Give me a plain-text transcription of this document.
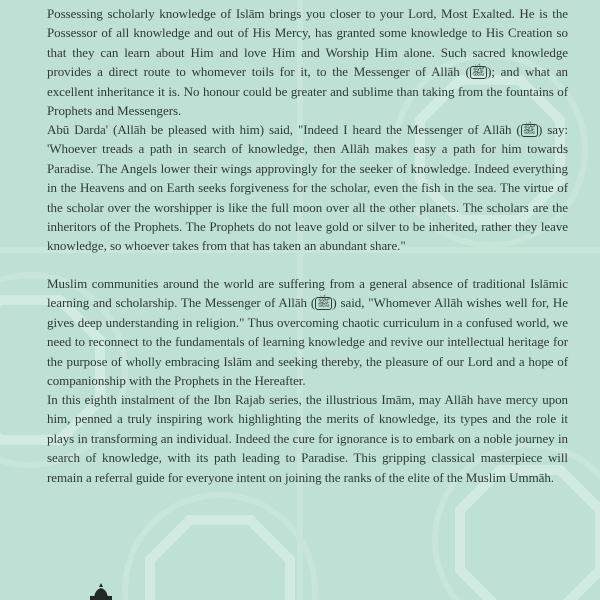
Possessing scholarly knowledge of Islām brings you closer to your Lord, Most Exalted. He is the Possessor of all knowledge and out of His Mercy, has granted some knowledge to His Creation so that they can learn about Him and love Him and Worship Him alone. Such sacred knowledge provides a direct route to whomever toils for it, to the Messenger of Allāh ( ﷺ ); and what an excellent inheritance it is. No honour could be greater and sublime than taking from the fountains of Prophets and Messengers.

Abū Darda' (Allāh be pleased with him) said, "Indeed I heard the Messenger of Allāh ( ﷺ ) say: 'Whoever treads a path in search of knowledge, then Allāh makes easy a path for him towards Paradise. The Angels lower their wings approvingly for the seeker of knowledge. Indeed everything in the Heavens and on Earth seeks forgiveness for the scholar, even the fish in the sea. The virtue of the scholar over the worshipper is like the full moon over all the other planets. The scholars are the inheritors of the Prophets. The Prophets do not leave gold or silver to be inherited, rather they leave knowledge, so whoever takes from that has taken an abundant share."

Muslim communities around the world are suffering from a general absence of traditional Islāmic learning and scholarship. The Messenger of Allāh ( ﷺ ) said, "Whomever Allāh wishes well for, He gives deep understanding in religion." Thus overcoming chaotic curriculum in a confused world, we need to reconnect to the fundamentals of learning knowledge and revive our intellectual heritage for the purpose of wholly embracing Islām and seeking thereby, the pleasure of our Lord and a hope of companionship with the Prophets in the Hereafter.

In this eighth instalment of the Ibn Rajab series, the illustrious Imām, may Allāh have mercy upon him, penned a truly inspiring work highlighting the merits of knowledge, its types and the role it plays in transforming an individual. Indeed the cure for ignorance is to embark on a noble journey in search of knowledge, with its path leading to Paradise. This gripping classical masterpiece will remain a referral guide for everyone intent on joining the ranks of the elite of the Muslim Ummāh.
